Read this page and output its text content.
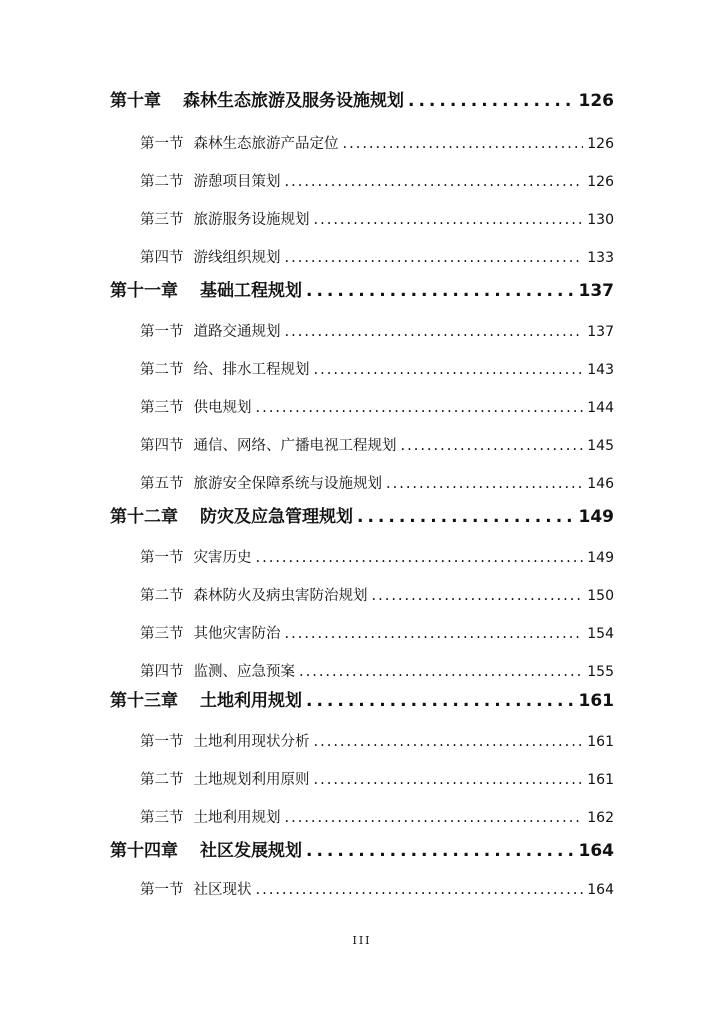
第十章 森林生态旅游及服务设施规划 .....	126
第一节 森林生态旅游产品定位 .....	126
第二节 游憩项目策划 .....	126
第三节 旅游服务设施规划 .....	130
第四节 游线组织规划 .....	133
第十一章 基础工程规划 .....	137
第一节 道路交通规划 .....	137
第二节 给、排水工程规划 .....	143
第三节 供电规划 .....	144
第四节 通信、网络、广播电视工程规划 .....	145
第五节 旅游安全保障系统与设施规划 .....	146
第十二章 防灾及应急管理规划 .....	149
第一节 灾害历史 .....	149
第二节 森林防火及病虫害防治规划 .....	150
第三节 其他灾害防治 .....	154
第四节 监测、应急预案 .....	155
第十三章 土地利用规划 .....	161
第一节 土地利用现状分析 .....	161
第二节 土地规划利用原则 .....	161
第三节 土地利用规划 .....	162
第十四章 社区发展规划 .....	164
第一节 社区现状 .....	164
III
